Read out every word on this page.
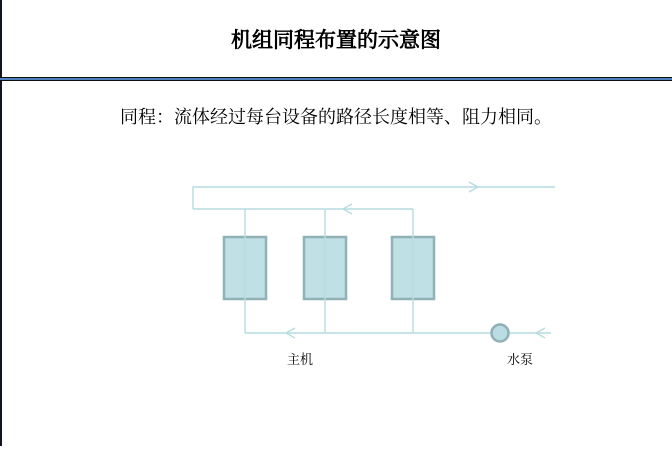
机组同程布置的示意图

同程：流体经过每台设备的路径长度相等、阻力相同。

主机	水泵
